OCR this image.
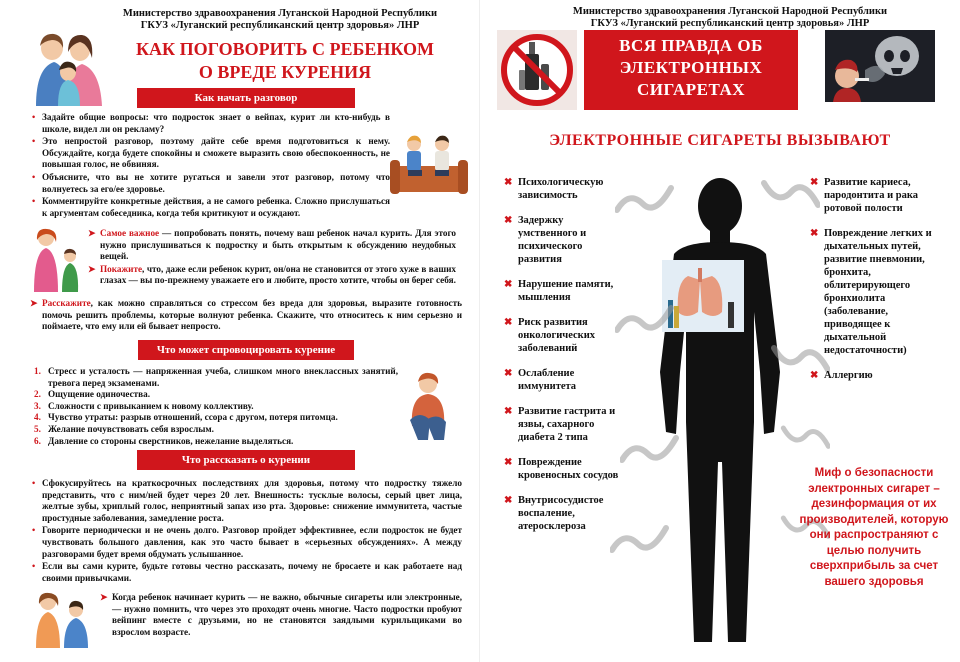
Министерство здравоохранения Луганской Народной Республики
ГКУЗ «Луганский республиканский центр здоровья» ЛНР
КАК ПОГОВОРИТЬ С РЕБЕНКОМ
О ВРЕДЕ КУРЕНИЯ
Как начать разговор
• Задайте общие вопросы: что подросток знает о вейпах, курит ли кто-нибудь в школе, видел ли он рекламу?
• Это непростой разговор, поэтому дайте себе время подготовиться к нему. Обсуждайте, когда будете спокойны и сможете выразить свою обеспокоенность, не повышая голос, не обвиняя.
• Объясните, что вы не хотите ругаться и завели этот разговор, потому что волнуетесь за его/ее здоровье.
• Комментируйте конкретные действия, а не самого ребенка. Сложно прислушаться к аргументам собеседника, когда тебя критикуют и осуждают.
➤ Самое важное — попробовать понять, почему ваш ребенок начал курить. Для этого нужно прислушиваться к подростку и быть открытым к обсуждению неудобных вещей.
➤ Покажите, что, даже если ребенок курит, он/она не становится от этого хуже в ваших глазах — вы по-прежнему уважаете его и любите, просто хотите, чтобы он берег себя.
➤ Расскажите, как можно справляться со стрессом без вреда для здоровья, выразите готовность помочь решить проблемы, которые волнуют ребенка. Скажите, что относитесь к ним серьезно и поймаете, что ему или ей бывает непросто.
Что может спровоцировать курение
1. Стресс и усталость — напряженная учеба, слишком много внеклассных занятий, тревога перед экзаменами.
2. Ощущение одиночества.
3. Сложности с привыканием к новому коллективу.
4. Чувство утраты: разрыв отношений, ссора с другом, потеря питомца.
5. Желание почувствовать себя взрослым.
6. Давление со стороны сверстников, нежелание выделяться.
Что рассказать о курении
• Сфокусируйтесь на краткосрочных последствиях для здоровья, потому что подростку тяжело представить, что с ним/ней будет через 20 лет. Внешность: тусклые волосы, серый цвет лица, желтые зубы, хриплый голос, неприятный запах изо рта. Здоровье: снижение иммунитета, частые простудные заболевания, замедление роста.
• Говорите периодически и не очень долго. Разговор пройдет эффективнее, если подросток не будет чувствовать большого давления, как это часто бывает в «серьезных обсуждениях». А между разговорами будет время обдумать услышанное.
• Если вы сами курите, будьте готовы честно рассказать, почему не бросаете и как работаете над своими привычками.
➤ Когда ребенок начинает курить — не важно, обычные сигареты или электронные, — нужно помнить, что через это проходят очень многие. Часто подростки пробуют вейпинг вместе с друзьями, но не становятся заядлыми курильщиками во взрослом возрасте.
Министерство здравоохранения Луганской Народной Республики
ГКУЗ «Луганский республиканский центр здоровья» ЛНР
ВСЯ ПРАВДА ОБ
ЭЛЕКТРОННЫХ
СИГАРЕТАХ
ЭЛЕКТРОННЫЕ СИГАРЕТЫ ВЫЗЫВАЮТ
✖ Психологическую зависимость
✖ Задержку умственного и психического развития
✖ Нарушение памяти, мышления
✖ Риск развития онкологических заболеваний
✖ Ослабление иммунитета
✖ Развитие гастрита и язвы, сахарного диабета 2 типа
✖ Повреждение кровеносных сосудов
✖ Внутрисосудистое воспаление, атеросклероза
✖ Развитие кариеса, пародонтита и рака ротовой полости
✖ Повреждение легких и дыхательных путей, развитие пневмонии, бронхита, облитерирующего бронхиолита (заболевание, приводящее к дыхательной недостаточности)
✖ Аллергию
Миф о безопасности электронных сигарет – дезинформация от их производителей, которую они распространяют с целью получить сверхприбыль за счет вашего здоровья
